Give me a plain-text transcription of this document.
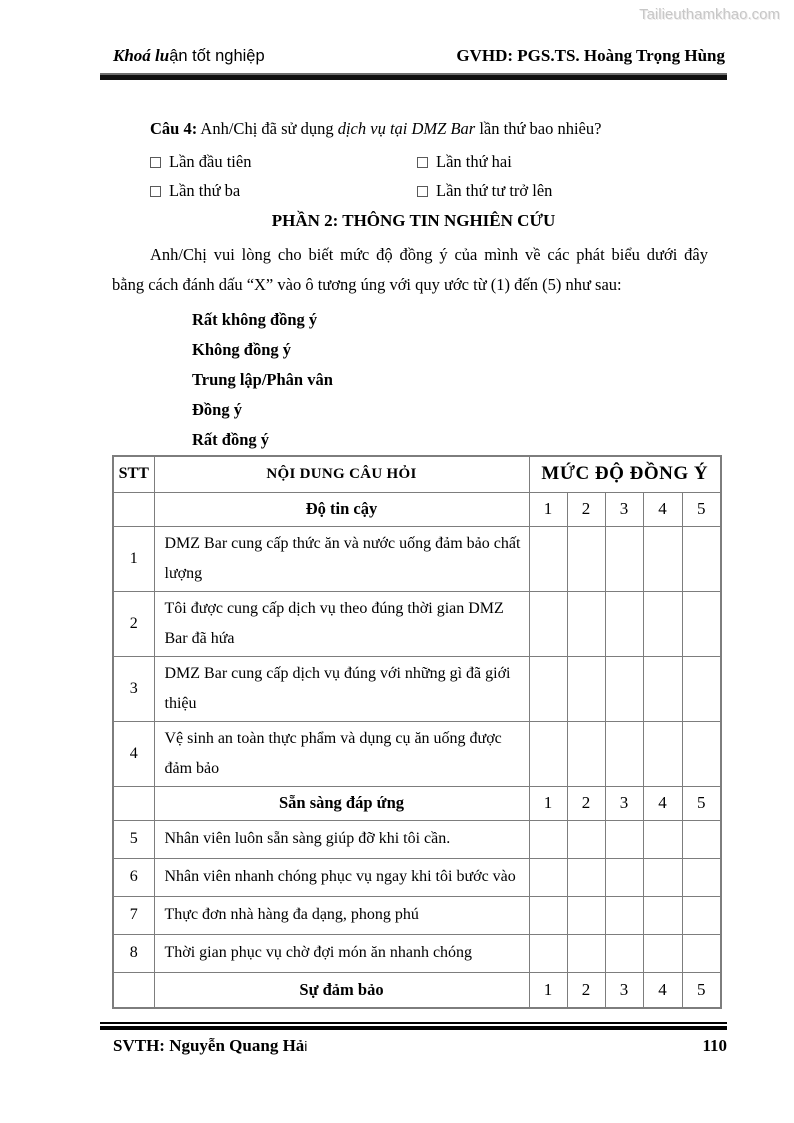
Tailieuthamkhao.com
Khoá luận tốt nghiệp	GVHD: PGS.TS. Hoàng Trọng Hùng
Câu 4: Anh/Chị đã sử dụng dịch vụ tại DMZ Bar lần thứ bao nhiêu?
Lần đầu tiên	Lần thứ hai
Lần thứ ba	Lần thứ tư trở lên
PHẦN 2: THÔNG TIN NGHIÊN CỨU
Anh/Chị vui lòng cho biết mức độ đồng ý của mình về các phát biểu dưới đây
bằng cách đánh dấu “X” vào ô tương úng với quy ước từ (1) đến (5) như sau:
Rất không đồng ý
Không đồng ý
Trung lập/Phân vân
Đồng ý
Rất đồng ý
STT	NỘI DUNG CÂU HỎI	MỨC ĐỘ ĐỒNG Ý				
	Độ tin cậy	1	2	3	4	5
1	DMZ Bar cung cấp thức ăn và nước uống đảm bảo chất lượng					
2	Tôi được cung cấp dịch vụ theo đúng thời gian DMZ Bar đã hứa					
3	DMZ Bar cung cấp dịch vụ đúng với những gì đã giới thiệu					
4	Vệ sinh an toàn thực phẩm và dụng cụ ăn uống được đảm bảo					
	Sẵn sàng đáp ứng	1	2	3	4	5
5	Nhân viên luôn sẵn sàng giúp đỡ khi tôi cần.					
6	Nhân viên nhanh chóng phục vụ ngay khi tôi bước vào					
7	Thực đơn nhà hàng đa dạng, phong phú					
8	Thời gian phục vụ chờ đợi món ăn nhanh chóng					
	Sự đảm bảo	1	2	3	4	5
SVTH: Nguyễn Quang Hải	110
